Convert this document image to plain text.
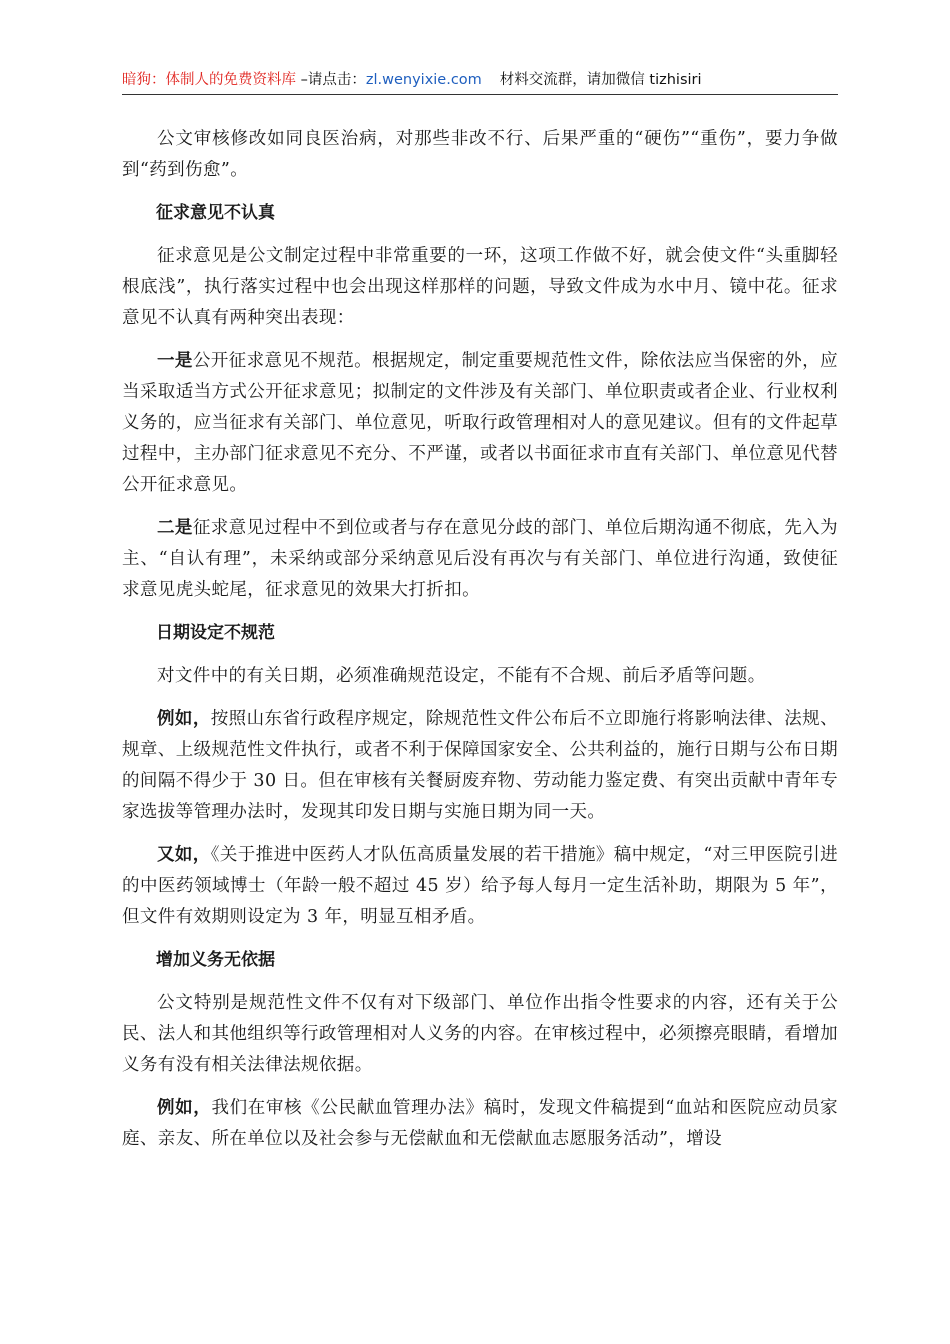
暗狗：体制人的免费资料库 –请点击：zl.wenyixie.com 材料交流群，请加微信 tizhisiri

公文审核修改如同良医治病，对那些非改不行、后果严重的“硬伤”“重伤”，要力争做到“药到伤愈”。

征求意见不认真

征求意见是公文制定过程中非常重要的一环，这项工作做不好，就会使文件“头重脚轻根底浅”，执行落实过程中也会出现这样那样的问题，导致文件成为水中月、镜中花。征求意见不认真有两种突出表现：

一是公开征求意见不规范。根据规定，制定重要规范性文件，除依法应当保密的外，应当采取适当方式公开征求意见；拟制定的文件涉及有关部门、单位职责或者企业、行业权利义务的，应当征求有关部门、单位意见，听取行政管理相对人的意见建议。但有的文件起草过程中，主办部门征求意见不充分、不严谨，或者以书面征求市直有关部门、单位意见代替公开征求意见。

二是征求意见过程中不到位或者与存在意见分歧的部门、单位后期沟通不彻底，先入为主、“自认有理”，未采纳或部分采纳意见后没有再次与有关部门、单位进行沟通，致使征求意见虎头蛇尾，征求意见的效果大打折扣。

日期设定不规范

对文件中的有关日期，必须准确规范设定，不能有不合规、前后矛盾等问题。

例如，按照山东省行政程序规定，除规范性文件公布后不立即施行将影响法律、法规、规章、上级规范性文件执行，或者不利于保障国家安全、公共利益的，施行日期与公布日期的间隔不得少于 30 日。但在审核有关餐厨废弃物、劳动能力鉴定费、有突出贡献中青年专家选拔等管理办法时，发现其印发日期与实施日期为同一天。

又如，《关于推进中医药人才队伍高质量发展的若干措施》稿中规定，“对三甲医院引进的中医药领域博士（年龄一般不超过 45 岁）给予每人每月一定生活补助，期限为 5 年”，但文件有效期则设定为 3 年，明显互相矛盾。

增加义务无依据

公文特别是规范性文件不仅有对下级部门、单位作出指令性要求的内容，还有关于公民、法人和其他组织等行政管理相对人义务的内容。在审核过程中，必须擦亮眼睛，看增加义务有没有相关法律法规依据。

例如，我们在审核《公民献血管理办法》稿时，发现文件稿提到“血站和医院应动员家庭、亲友、所在单位以及社会参与无偿献血和无偿献血志愿服务活动”，增设
